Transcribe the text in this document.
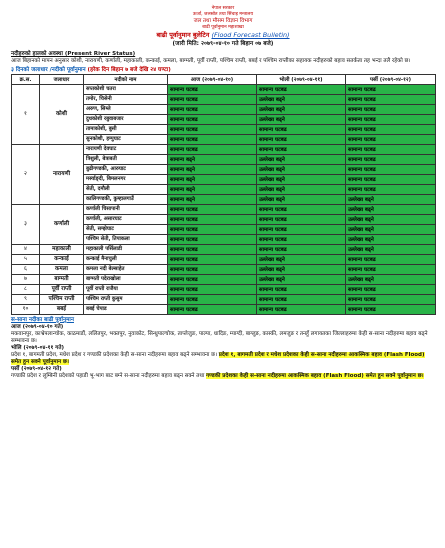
नेपाल सरकार
ऊर्जा, जलस्रोत तथा सिंचाइ मन्त्रालय
जल तथा मौसम विज्ञान विभाग
बाढी पूर्वानुमान महाशाखा
बाढी पूर्वानुमान बुलेटिन (Flood Forecast Bulletin)
(जारी मिति: २०७९-०४-१० गते बिहान ०७ बजे)
नदीहरुको हालको अवस्था (Present River Status)
आज बिहानको मापन अनुसार कोशी, नारायणी, कर्णाली, महाकाली, कन्काई, कमला, बाग्मती, पूर्वी राप्ती, पश्चिम राप्ती, बबई र पश्चिम राप्तीका सहायक नदीहरुको बहाव सतर्कता तह भन्दा तलै रहेको छ।
३ दिनको जलाधार /नदीको पूर्वानुमान (हरेक दिन बिहान ७ बजे देखि २४ घण्टा)
क्र.स.	जलाधार	नदीको नाम	आज (२०७९-०४-१०)	भोली (२०७९-०४-११)	पर्सी (२०७९-०४-१२)
१	कोशी	सप्तकोशी चतरा	सामान्य घटबढ	सामान्य घटबढ	सामान्य घटबढ
		तमोर, चिसेनी	सामान्य घटबढ	उल्लेख्य बढ्ने	सामान्य घटबढ
		अरुण, सिम्ले	सामान्य घटबढ	उल्लेख्य बढ्ने	सामान्य घटबढ
		दुधकोशी रबुवाबजार	सामान्य घटबढ	उल्लेख्य बढ्ने	सामान्य घटबढ
		तामाकोशी, बुसी	सामान्य घटबढ	सामान्य घटबढ	सामान्य घटबढ
		सुनकोशी, हम्पुघाट	सामान्य घटबढ	सामान्य घटबढ	सामान्य घटबढ
२	नारायणी	नारायणी देवघाट	सामान्य घटबढ	सामान्य घटबढ	सामान्य घटबढ
		त्रिशुली, बेत्राबती	सामान्य बढ्ने	उल्लेख्य बढ्ने	सामान्य घटबढ
		बुढीगण्डकी, आरुघाट	सामान्य बढ्ने	उल्लेख्य बढ्ने	सामान्य घटबढ
		मर्स्याङ्दी, बिमलनगर	सामान्य बढ्ने	उल्लेख्य बढ्ने	सामान्य घटबढ
		सेती, दमौली	सामान्य बढ्ने	उल्लेख्य बढ्ने	सामान्य घटबढ
		कालिगण्डकी, कुम्हालगाउँ	सामान्य बढ्ने	उल्लेख्य बढ्ने	उल्लेख्य बढ्ने
३	कर्णाली	कर्णाली चिसापानी	सामान्य घटबढ	सामान्य घटबढ	उल्लेख्य बढ्ने
		कर्णाली, असारघाट	सामान्य घटबढ	सामान्य घटबढ	उल्लेख्य बढ्ने
		सेती, सम्झेघाट	सामान्य घटबढ	सामान्य घटबढ	उल्लेख्य बढ्ने
		पश्चिम सेती, तिपाकला	सामान्य घटबढ	सामान्य घटबढ	उल्लेख्य बढ्ने
४	महाकाली	महाकाली पर्सिलाडी	सामान्य घटबढ	सामान्य घटबढ	उल्लेख्य बढ्ने
५	कन्काई	कन्काई मैनाचुली	सामान्य घटबढ	उल्लेख्य बढ्ने	सामान्य घटबढ
६	कमला	कमला नदी बेल्साहेत	सामान्य घटबढ	उल्लेख्य बढ्ने	सामान्य घटबढ
७	बाग्मती	बाग्मती पदेराखोला	सामान्य घटबढ	उल्लेख्य बढ्ने	उल्लेख्य बढ्ने
८	पूर्वी राप्ती	पूर्वी राप्ती राजैया	सामान्य घटबढ	सामान्य घटबढ	सामान्य घटबढ
९	पश्चिम राप्ती	पश्चिम राप्ती कुसुम	सामान्य घटबढ	सामान्य घटबढ	सामान्य घटबढ
१०	बबई	बबई चेपाड	सामान्य घटबढ	सामान्य घटबढ	सामान्य घटबढ
स-साना नदीका बाढी पूर्वानुमान
आज (२०७९-०४-१० गते)
मकवानपुर, काभ्रेपलान्चोक, काठमाडौं, ललितपुर, भक्तपुर, नुवाकोट, सिन्धुपाल्चोक, ताप्लेजुङ, पाल्पा, धादिङ, म्याग्दी, बाग्लुङ, कास्की, लमजुङ र तनहुँ लगायतका जिल्लाहरुमा केही स-साना नदीहरुमा बहाव बढ्ने सम्भावना छ।
भोलि (२०७९-०४-११ गते)
प्रदेश १, बागमती प्रदेश, मधेश प्रदेश र गण्डकी प्रदेशका केही स-साना नदीहरुमा बहाव बढ्ने सम्भावना छ। प्रदेश १, बागमती प्रदेश र मधेश प्रदेशका केही स-साना नदीहरुमा आकस्मिक बहाव (Flash Flood) समेत हुन सक्ने पूर्वानुमान छ।
पर्सी (२०७९-०४-१२ गते)
गण्डकी प्रदेश र लुम्बिनी प्रदेशको पहाडी भू-भाग बाट बग्ने स-साना नदीहरुमा बहाव बढ्न सक्ने तथा गण्डकी प्रदेशका केही स-साना नदीहरुमा आकस्मिक बहाव (Flash Flood) समेत हुन सक्ने पूर्वानुमान छ।
